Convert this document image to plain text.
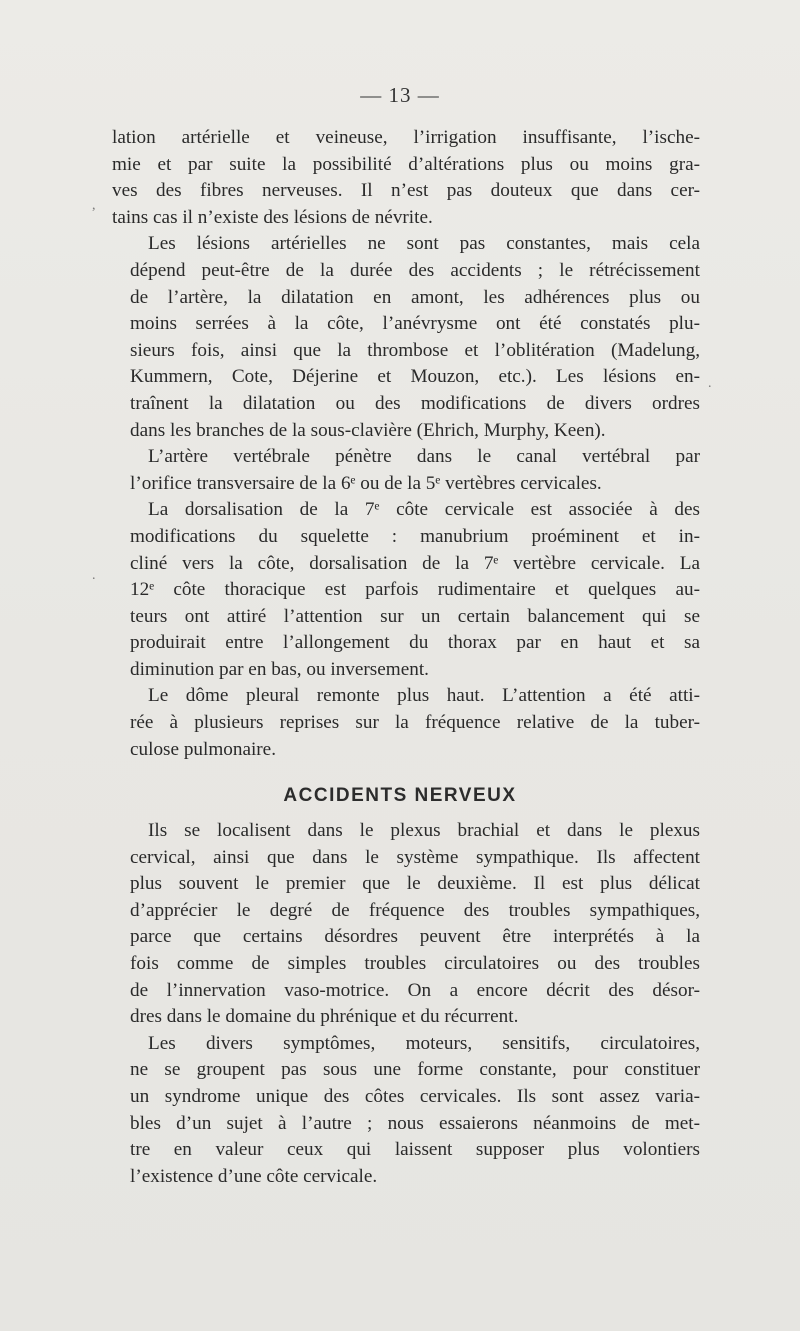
— 13 —
lation artérielle et veineuse, l’irrigation insuffisante, l’ische-
mie et par suite la possibilité d’altérations plus ou moins gra-
ves des fibres nerveuses. Il n’est pas douteux que dans cer-
tains cas il n’existe des lésions de névrite.
Les lésions artérielles ne sont pas constantes, mais cela
dépend peut-être de la durée des accidents ; le rétrécissement
de l’artère, la dilatation en amont, les adhérences plus ou
moins serrées à la côte, l’anévrysme ont été constatés plu-
sieurs fois, ainsi que la thrombose et l’oblitération (Madelung,
Kummern, Cote, Déjerine et Mouzon, etc.). Les lésions en-
traînent la dilatation ou des modifications de divers ordres
dans les branches de la sous-clavière (Ehrich, Murphy, Keen).
L’artère vertébrale pénètre dans le canal vertébral par
l’orifice transversaire de la 6ᵉ ou de la 5ᵉ vertèbres cervicales.
La dorsalisation de la 7ᵉ côte cervicale est associée à des
modifications du squelette : manubrium proéminent et in-
cliné vers la côte, dorsalisation de la 7ᵉ vertèbre cervicale. La
12ᵉ côte thoracique est parfois rudimentaire et quelques au-
teurs ont attiré l’attention sur un certain balancement qui se
produirait entre l’allongement du thorax par en haut et sa
diminution par en bas, ou inversement.
Le dôme pleural remonte plus haut. L’attention a été atti-
rée à plusieurs reprises sur la fréquence relative de la tuber-
culose pulmonaire.
ACCIDENTS NERVEUX
Ils se localisent dans le plexus brachial et dans le plexus
cervical, ainsi que dans le système sympathique. Ils affectent
plus souvent le premier que le deuxième. Il est plus délicat
d’apprécier le degré de fréquence des troubles sympathiques,
parce que certains désordres peuvent être interprétés à la
fois comme de simples troubles circulatoires ou des troubles
de l’innervation vaso-motrice. On a encore décrit des désor-
dres dans le domaine du phrénique et du récurrent.
Les divers symptômes, moteurs, sensitifs, circulatoires,
ne se groupent pas sous une forme constante, pour constituer
un syndrome unique des côtes cervicales. Ils sont assez varia-
bles d’un sujet à l’autre ; nous essaierons néanmoins de met-
tre en valeur ceux qui laissent supposer plus volontiers
l’existence d’une côte cervicale.
,
.
.
